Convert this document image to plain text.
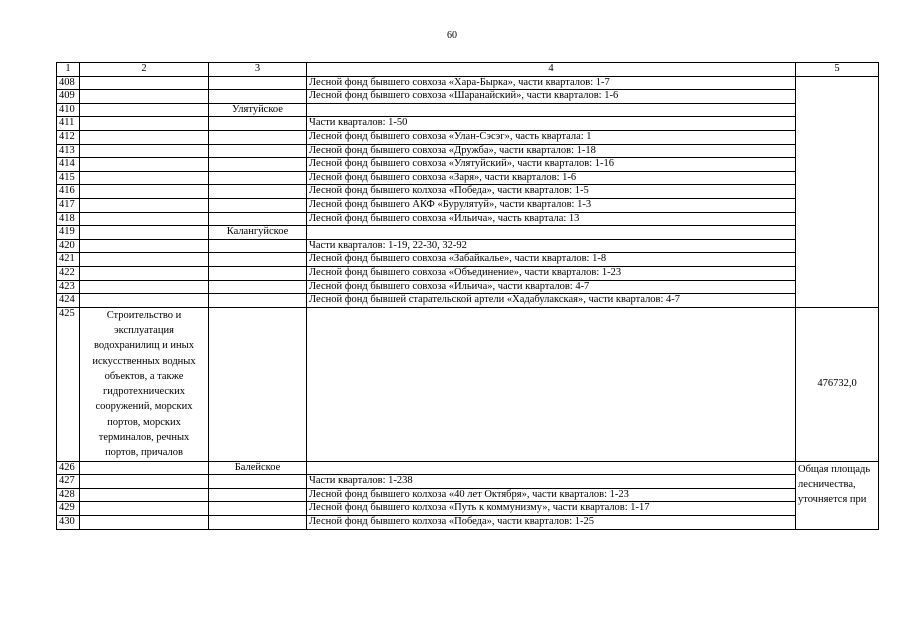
60
1	2	3	4	5
408			Лесной фонд бывшего совхоза «Хара-Бырка», части кварталов: 1-7	
409			Лесной фонд бывшего совхоза «Шаранайский», части кварталов: 1-6	
410		Улятуйское		
411			Части кварталов: 1-50	
412			Лесной фонд бывшего совхоза «Улан-Сэсэг», часть квартала: 1	
413			Лесной фонд бывшего совхоза «Дружба», части кварталов: 1-18	
414			Лесной фонд бывшего совхоза «Улятуйский», части кварталов: 1-16	
415			Лесной фонд бывшего совхоза «Заря», части кварталов: 1-6	
416			Лесной фонд бывшего колхоза «Победа», части кварталов: 1-5	
417			Лесной фонд бывшего АКФ «Бурулятуй», части кварталов: 1-3	
418			Лесной фонд бывшего совхоза «Ильича», часть квартала: 13	
419		Калангуйское		
420			Части кварталов: 1-19, 22-30, 32-92	
421			Лесной фонд бывшего совхоза «Забайкалье», части кварталов: 1-8	
422			Лесной фонд бывшего совхоза «Объединение», части кварталов: 1-23	
423			Лесной фонд бывшего совхоза «Ильича», части кварталов: 4-7	
424			Лесной фонд бывшей старательской артели «Хадабулакская», части кварталов: 4-7	
425	Строительство и эксплуатация водохранилищ и иных искусственных водных объектов, а также гидротехнических сооружений, морских портов, морских терминалов, речных портов, причалов			476732,0
426		Балейское		Общая площадь лесничества, уточняется при
427			Части кварталов: 1-238	
428			Лесной фонд бывшего колхоза «40 лет Октября», части кварталов: 1-23	
429			Лесной фонд бывшего колхоза «Путь к коммунизму», части кварталов: 1-17	
430			Лесной фонд бывшего колхоза «Победа», части кварталов: 1-25	
